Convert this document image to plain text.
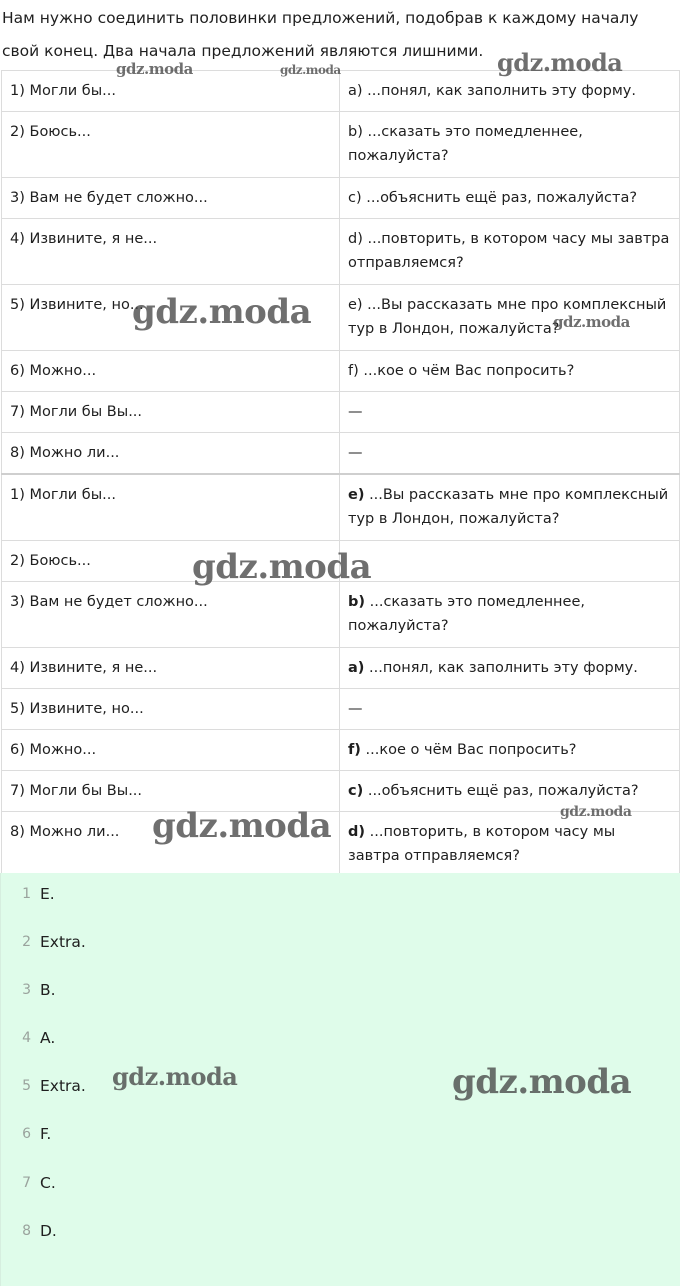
Нам нужно соединить половинки предложений, подобрав к каждому началу свой конец. Два начала предложений являются лишними.
1) Могли бы...	a) ...понял, как заполнить эту форму.
2) Боюсь...	b) ...сказать это помедленнее, пожалуйста?
3) Вам не будет сложно...	c) ...объяснить ещё раз, пожалуйста?
4) Извините, я не...	d) ...повторить, в котором часу мы завтра отправляемся?
5) Извините, но...	e) ...Вы рассказать мне про комплексный тур в Лондон, пожалуйста?
6) Можно...	f) ...кое о чём Вас попросить?
7) Могли бы Вы...	—
8) Можно ли...	—
1) Могли бы...	e) ...Вы рассказать мне про комплексный тур в Лондон, пожалуйста?
2) Боюсь...	
3) Вам не будет сложно...	b) ...сказать это помедленнее, пожалуйста?
4) Извините, я не...	a) ...понял, как заполнить эту форму.
5) Извините, но...	—
6) Можно...	f) ...кое о чём Вас попросить?
7) Могли бы Вы...	c) ...объяснить ещё раз, пожалуйста?
8) Можно ли...	d) ...повторить, в котором часу мы завтра отправляемся?
1 E.
2 Extra.
3 B.
4 A.
5 Extra.
6 F.
7 C.
8 D.
gdz.moda	gdz.moda	gdz.moda
gdz.moda	gdz.moda
gdz.moda
gdz.moda
gdz.moda
gdz.moda	gdz.moda
